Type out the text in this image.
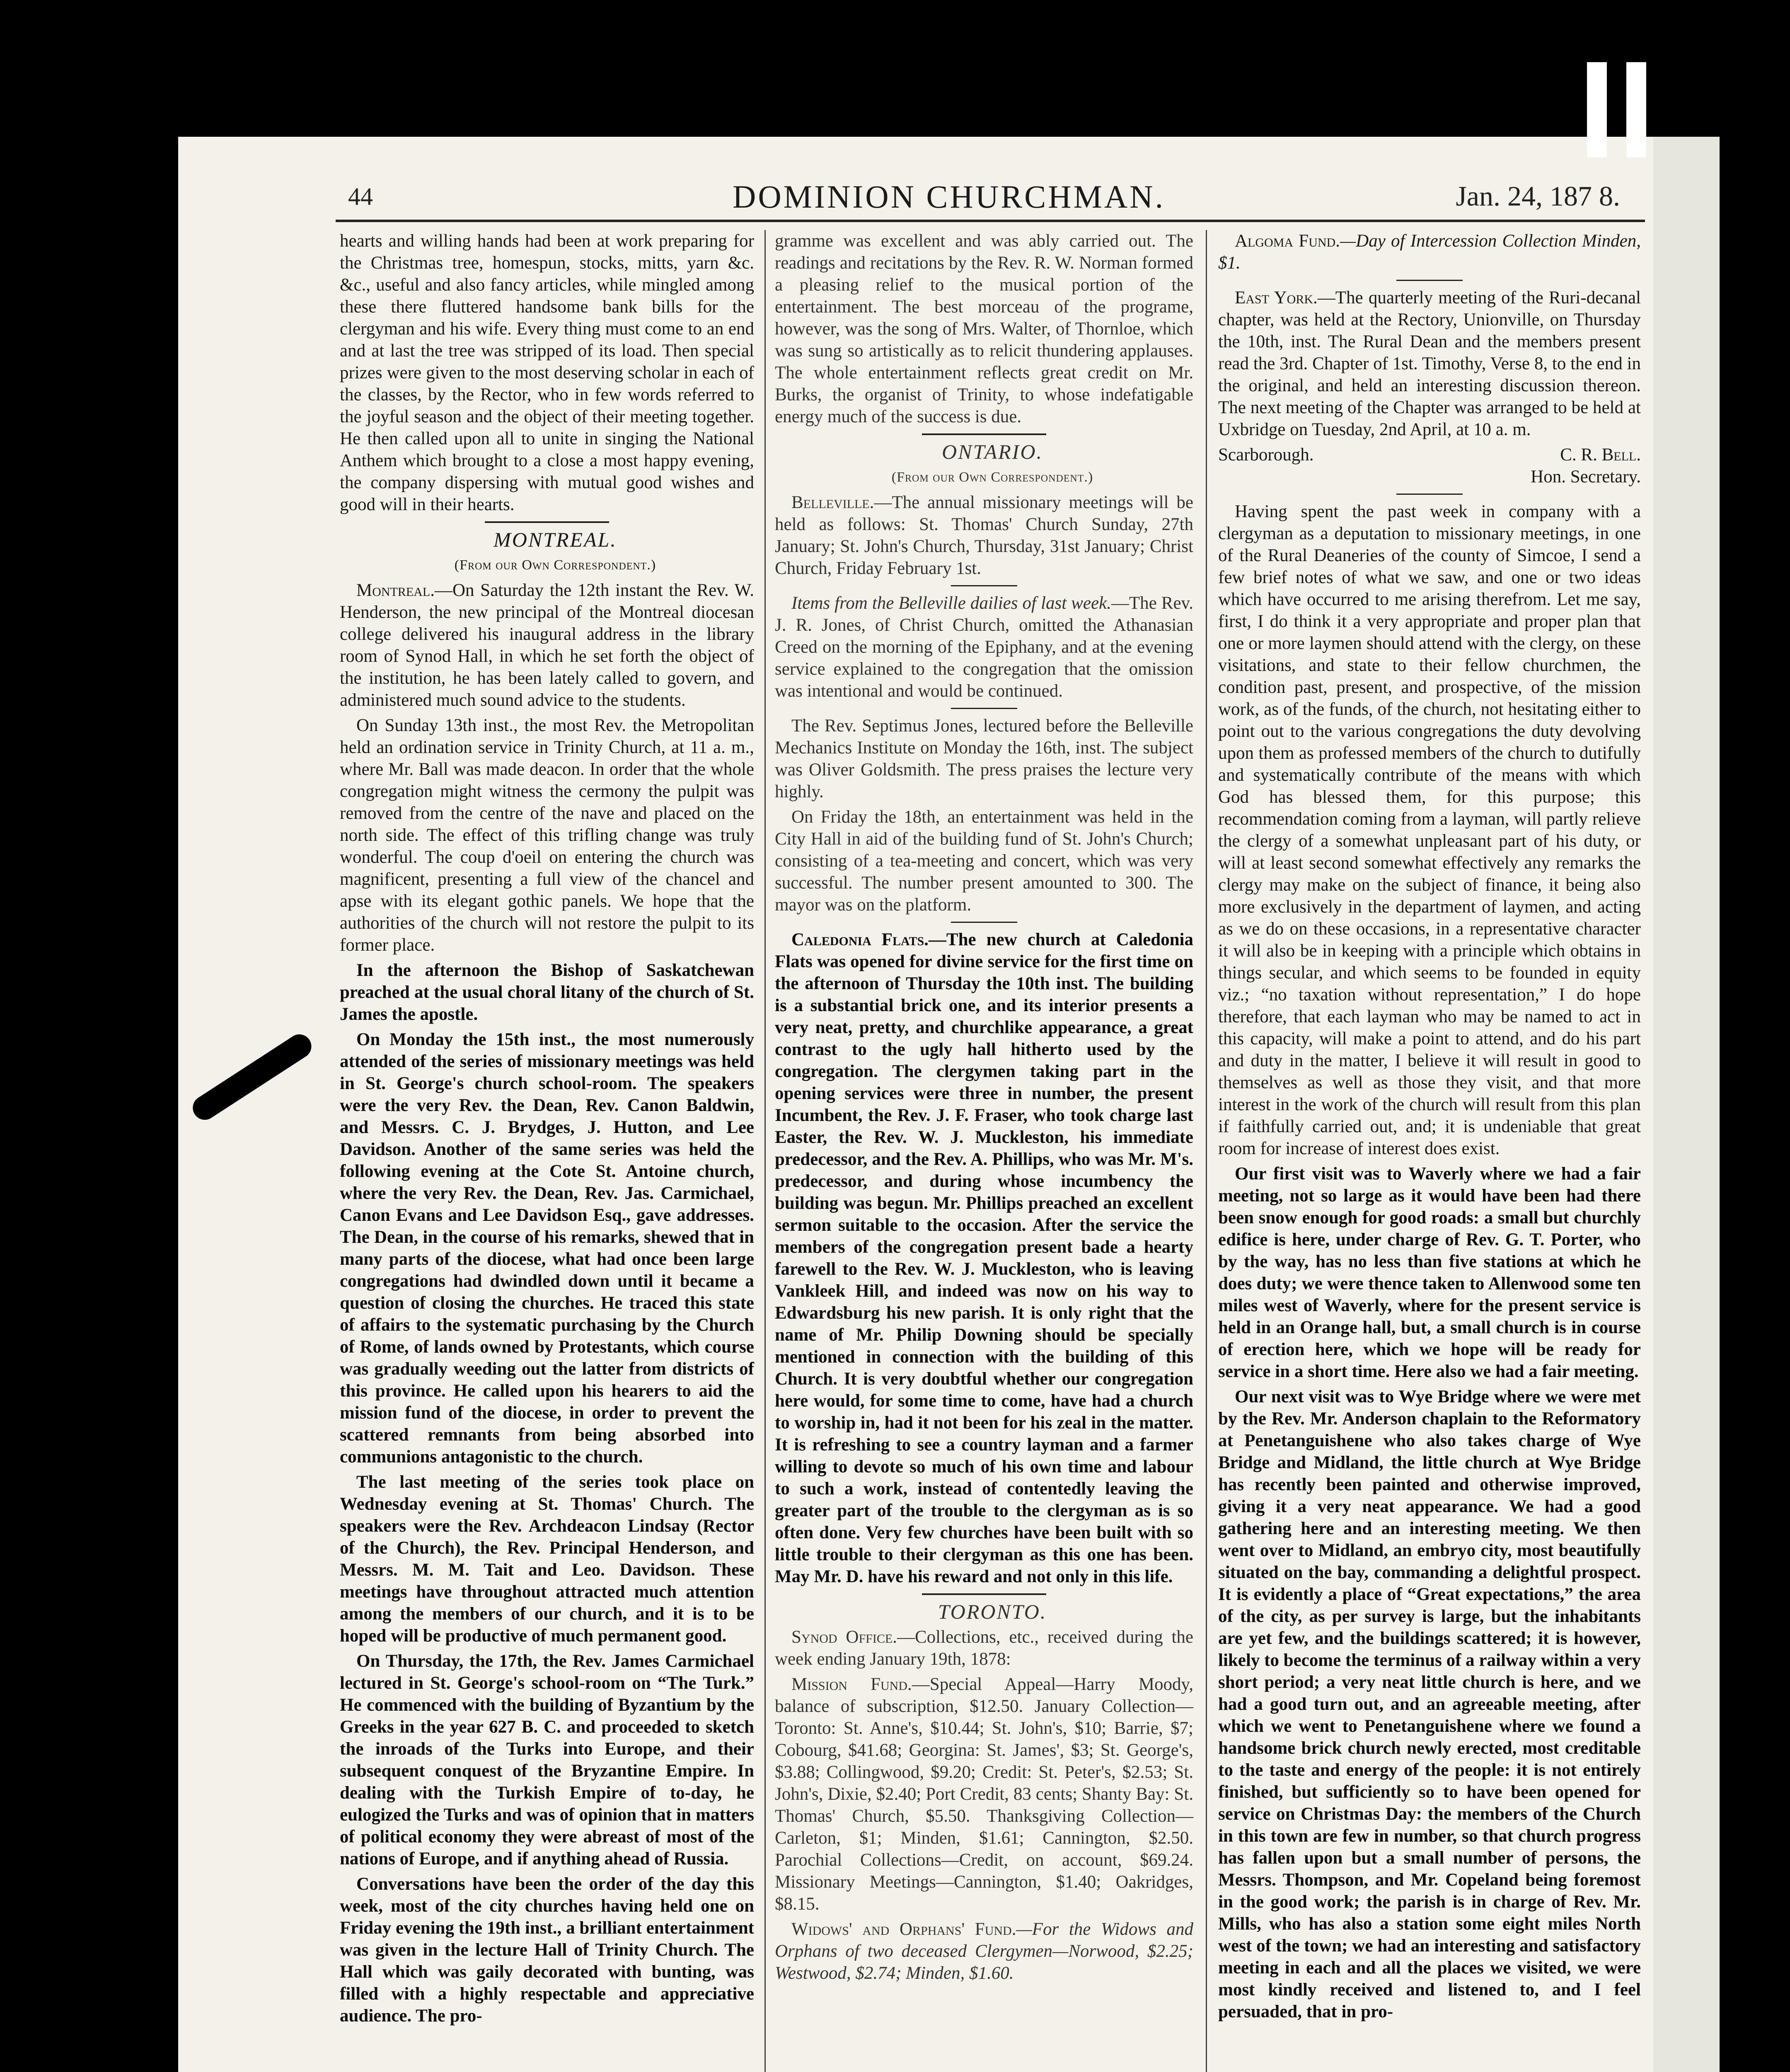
44	DOMINION CHURCHMAN.	Jan. 24, 187 8.

hearts and willing hands had been at work preparing for the Christmas tree, homespun, stocks, mitts, yarn &c. &c., useful and also fancy articles, while mingled among these there fluttered handsome bank bills for the clergyman and his wife. Every thing must come to an end and at last the tree was stripped of its load. Then special prizes were given to the most deserving scholar in each of the classes, by the Rector, who in few words referred to the joyful season and the object of their meeting together. He then called upon all to unite in singing the National Anthem which brought to a close a most happy evening, the company dispersing with mutual good wishes and good will in their hearts.

MONTREAL.

(From our Own Correspondent.)

Montreal.—On Saturday the 12th instant the Rev. W. Henderson, the new principal of the Montreal diocesan college delivered his inaugural address in the library room of Synod Hall, in which he set forth the object of the institution, he has been lately called to govern, and administered much sound advice to the students.

On Sunday 13th inst., the most Rev. the Metropolitan held an ordination service in Trinity Church, at 11 a. m., where Mr. Ball was made deacon. In order that the whole congregation might witness the cermony the pulpit was removed from the centre of the nave and placed on the north side. The effect of this trifling change was truly wonderful. The coup d'oeil on entering the church was magnificent, presenting a full view of the chancel and apse with its elegant gothic panels. We hope that the authorities of the church will not restore the pulpit to its former place.

In the afternoon the Bishop of Saskatchewan preached at the usual choral litany of the church of St. James the apostle.

On Monday the 15th inst., the most numerously attended of the series of missionary meetings was held in St. George's church school-room. The speakers were the very Rev. the Dean, Rev. Canon Baldwin, and Messrs. C. J. Brydges, J. Hutton, and Lee Davidson. Another of the same series was held the following evening at the Cote St. Antoine church, where the very Rev. the Dean, Rev. Jas. Carmichael, Canon Evans and Lee Davidson Esq., gave addresses. The Dean, in the course of his remarks, shewed that in many parts of the diocese, what had once been large congregations had dwindled down until it became a question of closing the churches. He traced this state of affairs to the systematic purchasing by the Church of Rome, of lands owned by Protestants, which course was gradually weeding out the latter from districts of this province. He called upon his hearers to aid the mission fund of the diocese, in order to prevent the scattered remnants from being absorbed into communions antagonistic to the church.

The last meeting of the series took place on Wednesday evening at St. Thomas' Church. The speakers were the Rev. Archdeacon Lindsay (Rector of the Church), the Rev. Principal Henderson, and Messrs. M. M. Tait and Leo. Davidson. These meetings have throughout attracted much attention among the members of our church, and it is to be hoped will be productive of much permanent good.

On Thursday, the 17th, the Rev. James Carmichael lectured in St. George's school-room on “The Turk.” He commenced with the building of Byzantium by the Greeks in the year 627 B. C. and proceeded to sketch the inroads of the Turks into Europe, and their subsequent conquest of the Bryzantine Empire. In dealing with the Turkish Empire of to-day, he eulogized the Turks and was of opinion that in matters of political economy they were abreast of most of the nations of Europe, and if anything ahead of Russia.

Conversations have been the order of the day this week, most of the city churches having held one on Friday evening the 19th inst., a brilliant entertainment was given in the lecture Hall of Trinity Church. The Hall which was gaily decorated with bunting, was filled with a highly respectable and appreciative audience. The pro-

gramme was excellent and was ably carried out. The readings and recitations by the Rev. R. W. Norman formed a pleasing relief to the musical portion of the entertainment. The best morceau of the programe, however, was the song of Mrs. Walter, of Thornloe, which was sung so artistically as to relicit thundering applauses. The whole entertainment reflects great credit on Mr. Burks, the organist of Trinity, to whose indefatigable energy much of the success is due.

ONTARIO.

(From our Own Correspondent.)

Belleville.—The annual missionary meetings will be held as follows: St. Thomas' Church Sunday, 27th January; St. John's Church, Thursday, 31st January; Christ Church, Friday February 1st.

Items from the Belleville dailies of last week.—The Rev. J. R. Jones, of Christ Church, omitted the Athanasian Creed on the morning of the Epiphany, and at the evening service explained to the congregation that the omission was intentional and would be continued.

The Rev. Septimus Jones, lectured before the Belleville Mechanics Institute on Monday the 16th, inst. The subject was Oliver Goldsmith. The press praises the lecture very highly.

On Friday the 18th, an entertainment was held in the City Hall in aid of the building fund of St. John's Church; consisting of a tea-meeting and concert, which was very successful. The number present amounted to 300. The mayor was on the platform.

Caledonia Flats.—The new church at Caledonia Flats was opened for divine service for the first time on the afternoon of Thursday the 10th inst. The building is a substantial brick one, and its interior presents a very neat, pretty, and churchlike appearance, a great contrast to the ugly hall hitherto used by the congregation. The clergymen taking part in the opening services were three in number, the present Incumbent, the Rev. J. F. Fraser, who took charge last Easter, the Rev. W. J. Muckleston, his immediate predecessor, and the Rev. A. Phillips, who was Mr. M's. predecessor, and during whose incumbency the building was begun. Mr. Phillips preached an excellent sermon suitable to the occasion. After the service the members of the congregation present bade a hearty farewell to the Rev. W. J. Muckleston, who is leaving Vankleek Hill, and indeed was now on his way to Edwardsburg his new parish. It is only right that the name of Mr. Philip Downing should be specially mentioned in connection with the building of this Church. It is very doubtful whether our congregation here would, for some time to come, have had a church to worship in, had it not been for his zeal in the matter. It is refreshing to see a country layman and a farmer willing to devote so much of his own time and labour to such a work, instead of contentedly leaving the greater part of the trouble to the clergyman as is so often done. Very few churches have been built with so little trouble to their clergyman as this one has been. May Mr. D. have his reward and not only in this life.

TORONTO.

Synod Office.—Collections, etc., received during the week ending January 19th, 1878:

Mission Fund.—Special Appeal—Harry Moody, balance of subscription, $12.50. January Collection—Toronto: St. Anne's, $10.44; St. John's, $10; Barrie, $7; Cobourg, $41.68; Georgina: St. James', $3; St. George's, $3.88; Collingwood, $9.20; Credit: St. Peter's, $2.53; St. John's, Dixie, $2.40; Port Credit, 83 cents; Shanty Bay: St. Thomas' Church, $5.50. Thanksgiving Collection—Carleton, $1; Minden, $1.61; Cannington, $2.50. Parochial Collections—Credit, on account, $69.24. Missionary Meetings—Cannington, $1.40; Oakridges, $8.15.

Widows' and Orphans' Fund.—For the Widows and Orphans of two deceased Clergymen—Norwood, $2.25; Westwood, $2.74; Minden, $1.60.

Algoma Fund.—Day of Intercession Collection Minden, $1.

East York.—The quarterly meeting of the Ruri-decanal chapter, was held at the Rectory, Unionville, on Thursday the 10th, inst. The Rural Dean and the members present read the 3rd. Chapter of 1st. Timothy, Verse 8, to the end in the original, and held an interesting discussion thereon. The next meeting of the Chapter was arranged to be held at Uxbridge on Tuesday, 2nd April, at 10 a. m.

Scarborough.	C. R. Bell.
Hon. Secretary.

Having spent the past week in company with a clergyman as a deputation to missionary meetings, in one of the Rural Deaneries of the county of Simcoe, I send a few brief notes of what we saw, and one or two ideas which have occurred to me arising therefrom. Let me say, first, I do think it a very appropriate and proper plan that one or more laymen should attend with the clergy, on these visitations, and state to their fellow churchmen, the condition past, present, and prospective, of the mission work, as of the funds, of the church, not hesitating either to point out to the various congregations the duty devolving upon them as professed members of the church to dutifully and systematically contribute of the means with which God has blessed them, for this purpose; this recommendation coming from a layman, will partly relieve the clergy of a somewhat unpleasant part of his duty, or will at least second somewhat effectively any remarks the clergy may make on the subject of finance, it being also more exclusively in the department of laymen, and acting as we do on these occasions, in a representative character it will also be in keeping with a principle which obtains in things secular, and which seems to be founded in equity viz.; “no taxation without representation,” I do hope therefore, that each layman who may be named to act in this capacity, will make a point to attend, and do his part and duty in the matter, I believe it will result in good to themselves as well as those they visit, and that more interest in the work of the church will result from this plan if faithfully carried out, and; it is undeniable that great room for increase of interest does exist.

Our first visit was to Waverly where we had a fair meeting, not so large as it would have been had there been snow enough for good roads: a small but churchly edifice is here, under charge of Rev. G. T. Porter, who by the way, has no less than five stations at which he does duty; we were thence taken to Allenwood some ten miles west of Waverly, where for the present service is held in an Orange hall, but, a small church is in course of erection here, which we hope will be ready for service in a short time. Here also we had a fair meeting.

Our next visit was to Wye Bridge where we were met by the Rev. Mr. Anderson chaplain to the Reformatory at Penetanguishene who also takes charge of Wye Bridge and Midland, the little church at Wye Bridge has recently been painted and otherwise improved, giving it a very neat appearance. We had a good gathering here and an interesting meeting. We then went over to Midland, an embryo city, most beautifully situated on the bay, commanding a delightful prospect. It is evidently a place of “Great expectations,” the area of the city, as per survey is large, but the inhabitants are yet few, and the buildings scattered; it is however, likely to become the terminus of a railway within a very short period; a very neat little church is here, and we had a good turn out, and an agreeable meeting, after which we went to Penetanguishene where we found a handsome brick church newly erected, most creditable to the taste and energy of the people: it is not entirely finished, but sufficiently so to have been opened for service on Christmas Day: the members of the Church in this town are few in number, so that church progress has fallen upon but a small number of persons, the Messrs. Thompson, and Mr. Copeland being foremost in the good work; the parish is in charge of Rev. Mr. Mills, who has also a station some eight miles North west of the town; we had an interesting and satisfactory meeting in each and all the places we visited, we were most kindly received and listened to, and I feel persuaded, that in pro-
